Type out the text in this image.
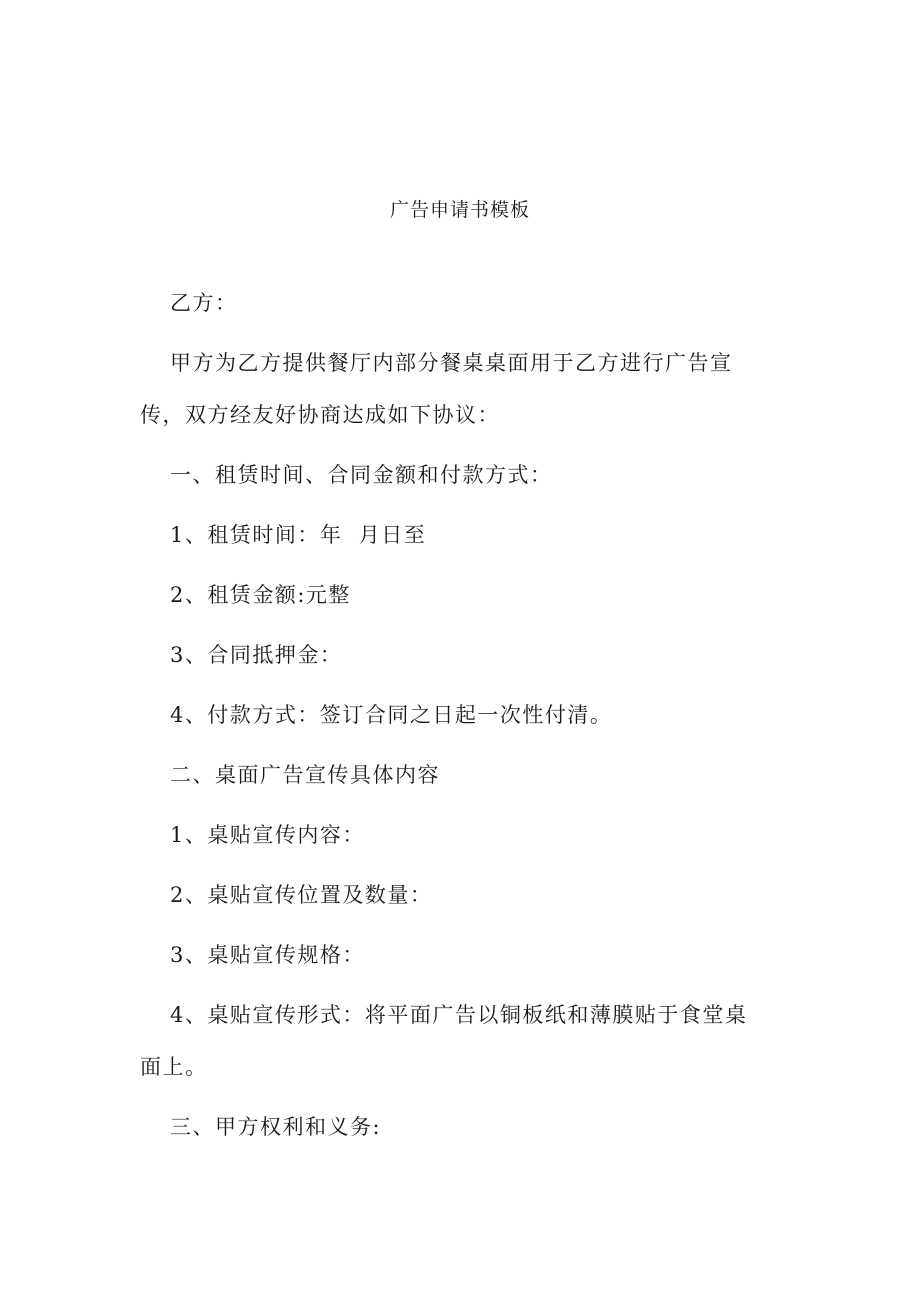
广告申请书模板

乙方：

甲方为乙方提供餐厅内部分餐桌桌面用于乙方进行广告宣传，双方经友好协商达成如下协议：

一、租赁时间、合同金额和付款方式：

1、租赁时间：年  月日至

2、租赁金额:元整

3、合同抵押金：

4、付款方式：签订合同之日起一次性付清。

二、桌面广告宣传具体内容

1、桌贴宣传内容：

2、桌贴宣传位置及数量：

3、桌贴宣传规格：

4、桌贴宣传形式：将平面广告以铜板纸和薄膜贴于食堂桌面上。

三、甲方权利和义务:
